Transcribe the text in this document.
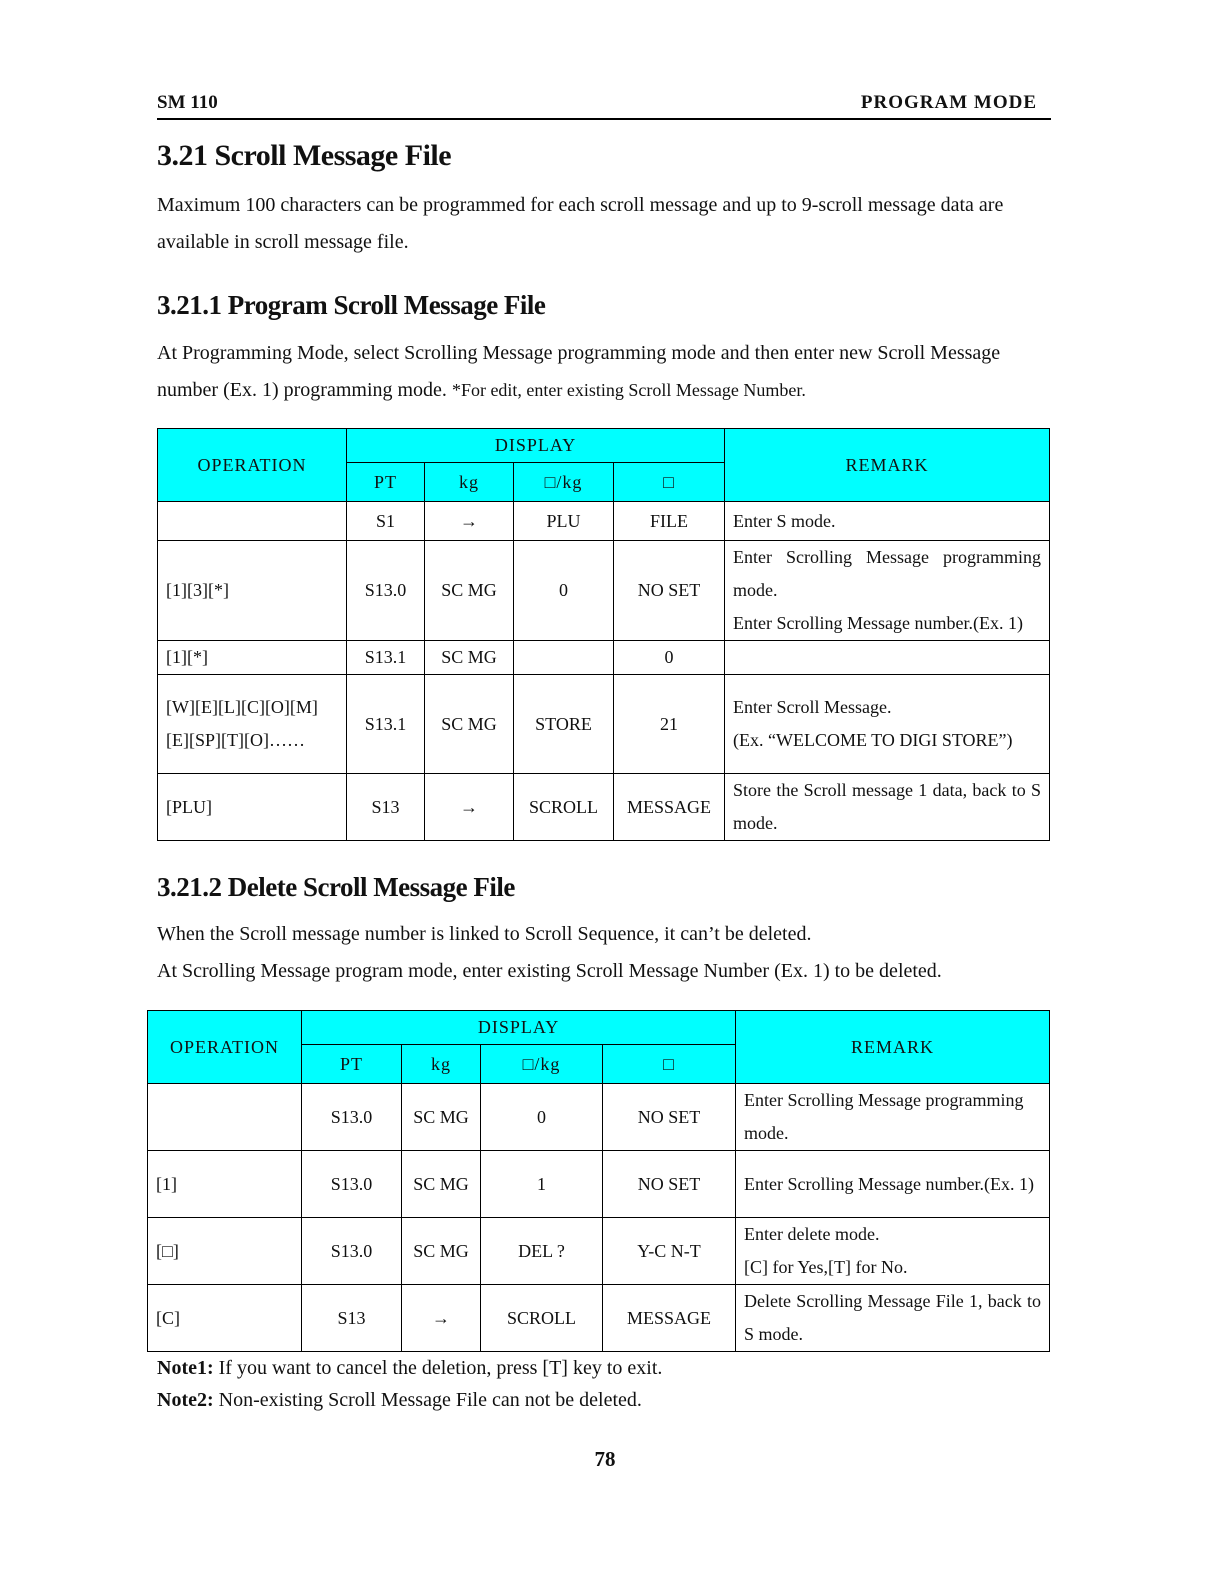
SM 110	PROGRAM MODE
3.21 Scroll Message File

Maximum 100 characters can be programmed for each scroll message and up to 9-scroll message data are available in scroll message file.

3.21.1 Program Scroll Message File

At Programming Mode, select Scrolling Message programming mode and then enter new Scroll Message number (Ex. 1) programming mode. *For edit, enter existing Scroll Message Number.

OPERATION	DISPLAY				REMARK
	PT	kg	□/kg	□	
	S1	→	PLU	FILE	Enter S mode.
[1][3][*]	S13.0	SC MG	0	NO SET	Enter Scrolling Message programming mode.
Enter Scrolling Message number.(Ex. 1)
[1][*]	S13.1	SC MG		0	
[W][E][L][C][O][M][E][SP][T][O]……	S13.1	SC MG	STORE	21	Enter Scroll Message.
(Ex. “WELCOME TO DIGI STORE”)
[PLU]	S13	→	SCROLL	MESSAGE	Store the Scroll message 1 data, back to S mode.
3.21.2 Delete Scroll Message File

When the Scroll message number is linked to Scroll Sequence, it can’t be deleted.

At Scrolling Message program mode, enter existing Scroll Message Number (Ex. 1) to be deleted.

OPERATION	DISPLAY				REMARK
	PT	kg	□/kg	□	
	S13.0	SC MG	0	NO SET	Enter Scrolling Message programming mode.
[1]	S13.0	SC MG	1	NO SET	Enter Scrolling Message number.(Ex. 1)
[□]	S13.0	SC MG	DEL ?	Y-C N-T	Enter delete mode.
[C] for Yes,[T] for No.
[C]	S13	→	SCROLL	MESSAGE	Delete Scrolling Message File 1, back to S mode.

Note1: If you want to cancel the deletion, press [T] key to exit.

Note2: Non-existing Scroll Message File can not be deleted.

78
